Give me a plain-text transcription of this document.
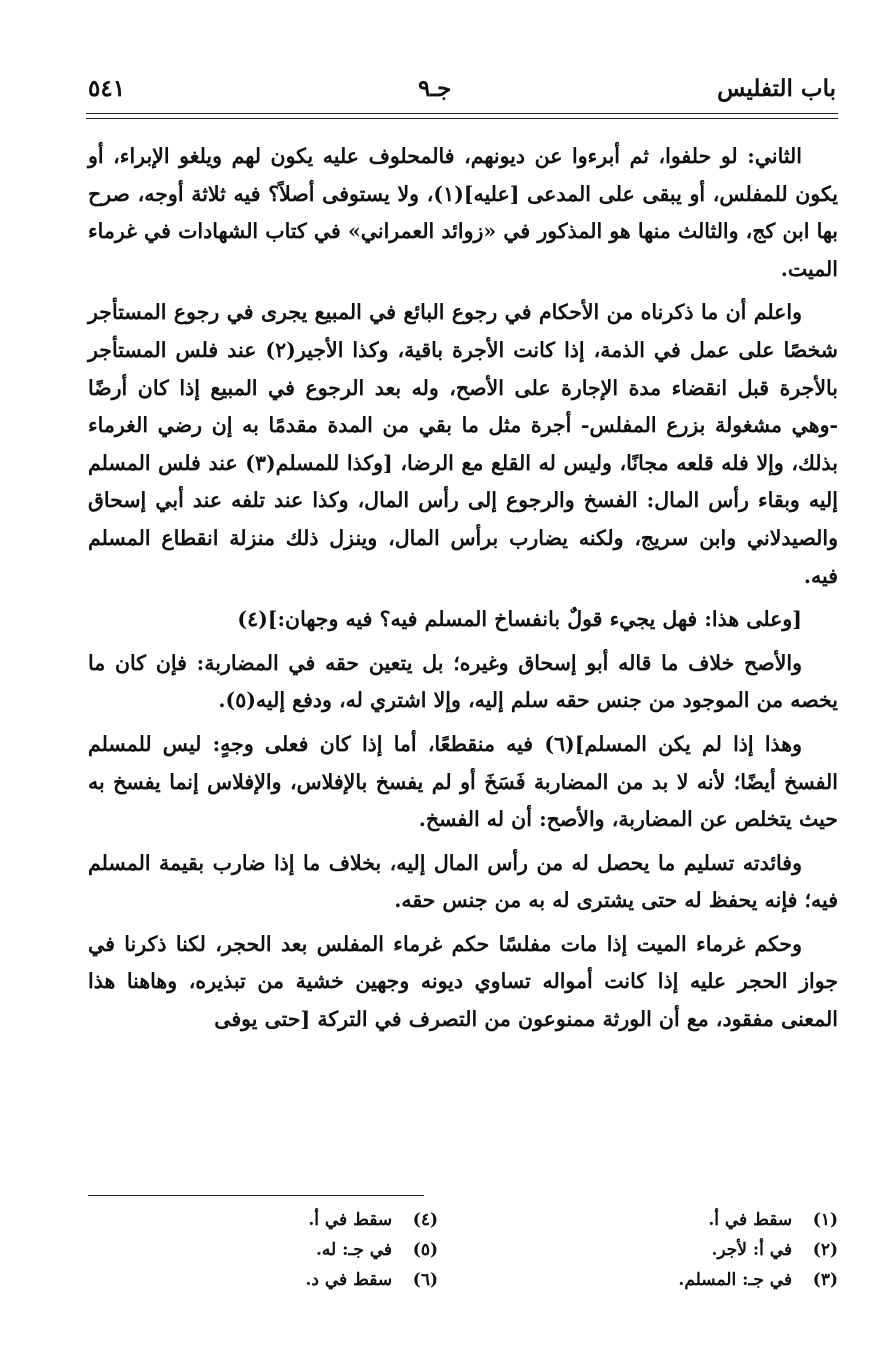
باب التفليس
جـ٩
٥٤١

الثاني: لو حلفوا، ثم أبرءوا عن ديونهم، فالمحلوف عليه يكون لهم ويلغو الإبراء، أو يكون للمفلس، أو يبقى على المدعى [عليه](١)، ولا يستوفى أصلاً؟ فيه ثلاثة أوجه، صرح بها ابن كج، والثالث منها هو المذكور في «زوائد العمراني» في كتاب الشهادات في غرماء الميت.

واعلم أن ما ذكرناه من الأحكام في رجوع البائع في المبيع يجرى في رجوع المستأجر شخصًا على عمل في الذمة، إذا كانت الأجرة باقية، وكذا الأجير(٢) عند فلس المستأجر بالأجرة قبل انقضاء مدة الإجارة على الأصح، وله بعد الرجوع في المبيع إذا كان أرضًا -وهي مشغولة بزرع المفلس- أجرة مثل ما بقي من المدة مقدمًا به إن رضي الغرماء بذلك، وإلا فله قلعه مجانًا، وليس له القلع مع الرضا، [وكذا للمسلم(٣) عند فلس المسلم إليه وبقاء رأس المال: الفسخ والرجوع إلى رأس المال، وكذا عند تلفه عند أبي إسحاق والصيدلاني وابن سريج، ولكنه يضارب برأس المال، وينزل ذلك منزلة انقطاع المسلم فيه.

[وعلى هذا: فهل يجيء قولٌ بانفساخ المسلم فيه؟ فيه وجهان:](٤)

والأصح خلاف ما قاله أبو إسحاق وغيره؛ بل يتعين حقه في المضاربة: فإن كان ما يخصه من الموجود من جنس حقه سلم إليه، وإلا اشتري له، ودفع إليه(٥).

وهذا إذا لم يكن المسلم](٦) فيه منقطعًا، أما إذا كان فعلى وجهٍ: ليس للمسلم الفسخ أيضًا؛ لأنه لا بد من المضاربة فَسَخَ أو لم يفسخ بالإفلاس، والإفلاس إنما يفسخ به حيث يتخلص عن المضاربة، والأصح: أن له الفسخ.

وفائدته تسليم ما يحصل له من رأس المال إليه، بخلاف ما إذا ضارب بقيمة المسلم فيه؛ فإنه يحفظ له حتى يشترى له به من جنس حقه.

وحكم غرماء الميت إذا مات مفلسًا حكم غرماء المفلس بعد الحجر، لكنا ذكرنا في جواز الحجر عليه إذا كانت أمواله تساوي ديونه وجهين خشية من تبذيره، وهاهنا هذا المعنى مفقود، مع أن الورثة ممنوعون من التصرف في التركة [حتى يوفى

(١) سقط في أ.
(٢) في أ: لأجر.
(٣) في جـ: المسلم.
(٤) سقط في أ.
(٥) في جـ: له.
(٦) سقط في د.
